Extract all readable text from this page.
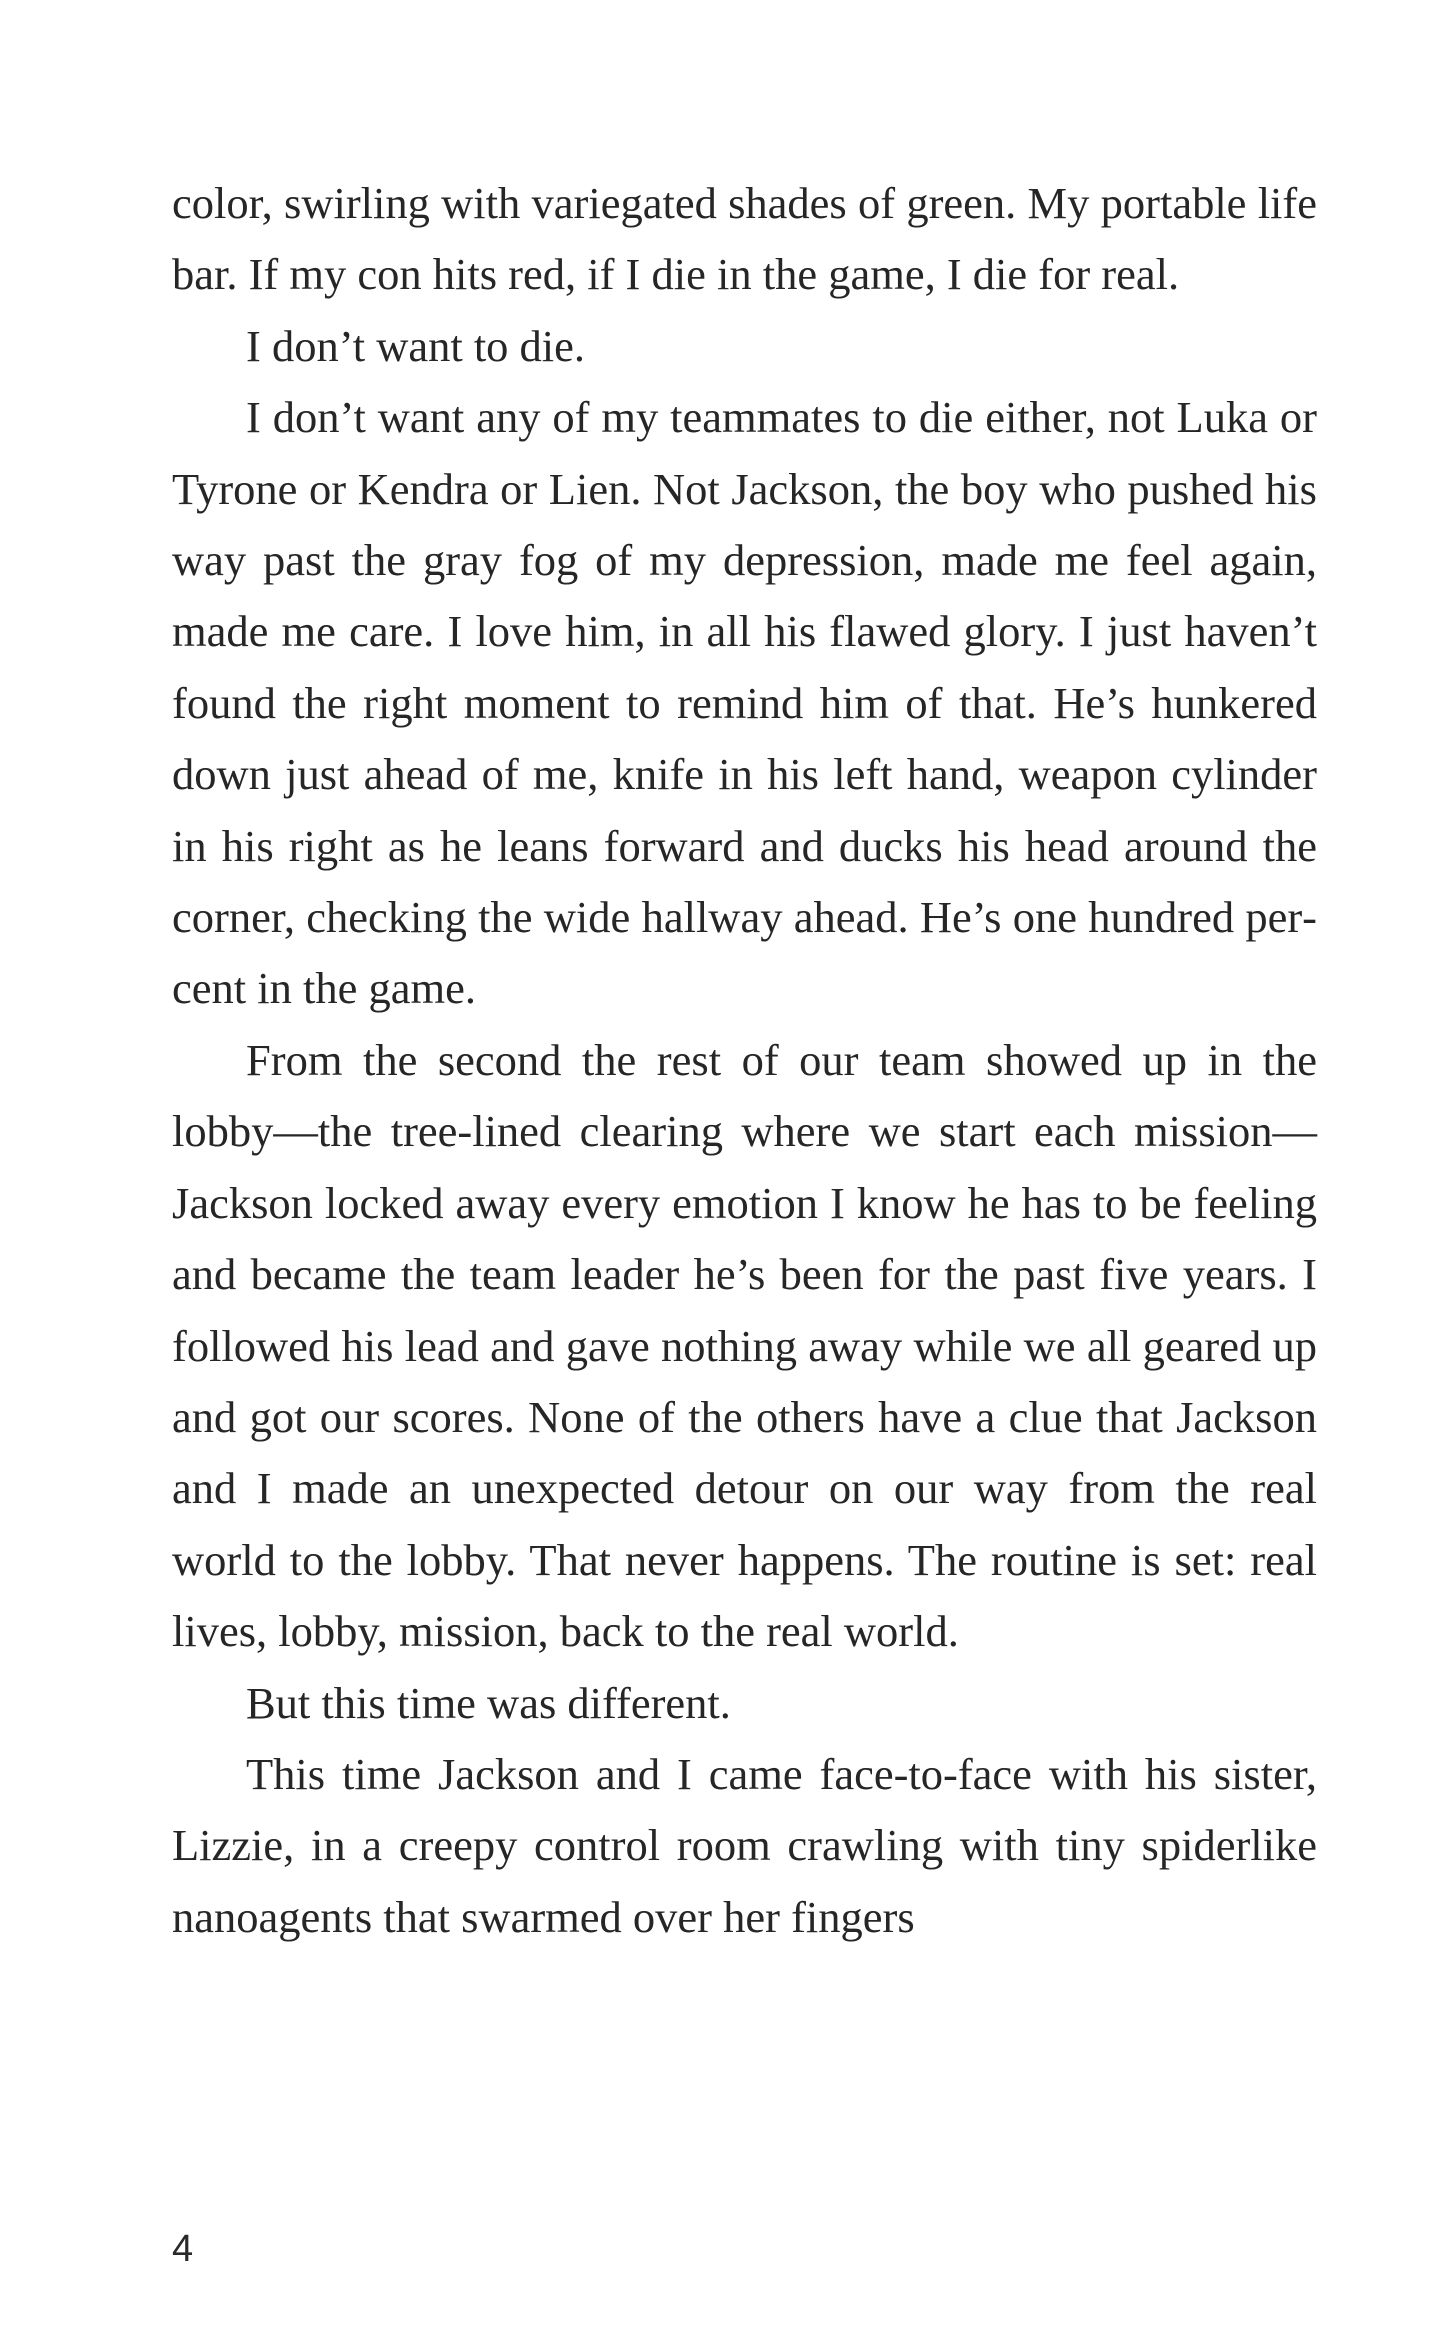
color, swirling with variegated shades of green. My portable life bar. If my con hits red, if I die in the game, I die for real.

I don’t want to die.

I don’t want any of my teammates to die either, not Luka or Tyrone or Kendra or Lien. Not Jackson, the boy who pushed his way past the gray fog of my depression, made me feel again, made me care. I love him, in all his flawed glory. I just haven’t found the right moment to remind him of that. He’s hunkered down just ahead of me, knife in his left hand, weapon cylinder in his right as he leans forward and ducks his head around the corner, checking the wide hallway ahead. He’s one hundred percent in the game.

From the second the rest of our team showed up in the lobby—the tree-lined clearing where we start each mission—Jackson locked away every emotion I know he has to be feeling and became the team leader he’s been for the past five years. I followed his lead and gave nothing away while we all geared up and got our scores. None of the others have a clue that Jackson and I made an unexpected detour on our way from the real world to the lobby. That never happens. The routine is set: real lives, lobby, mission, back to the real world.

But this time was different.

This time Jackson and I came face-to-face with his sister, Lizzie, in a creepy control room crawling with tiny spiderlike nanoagents that swarmed over her fingers

4
